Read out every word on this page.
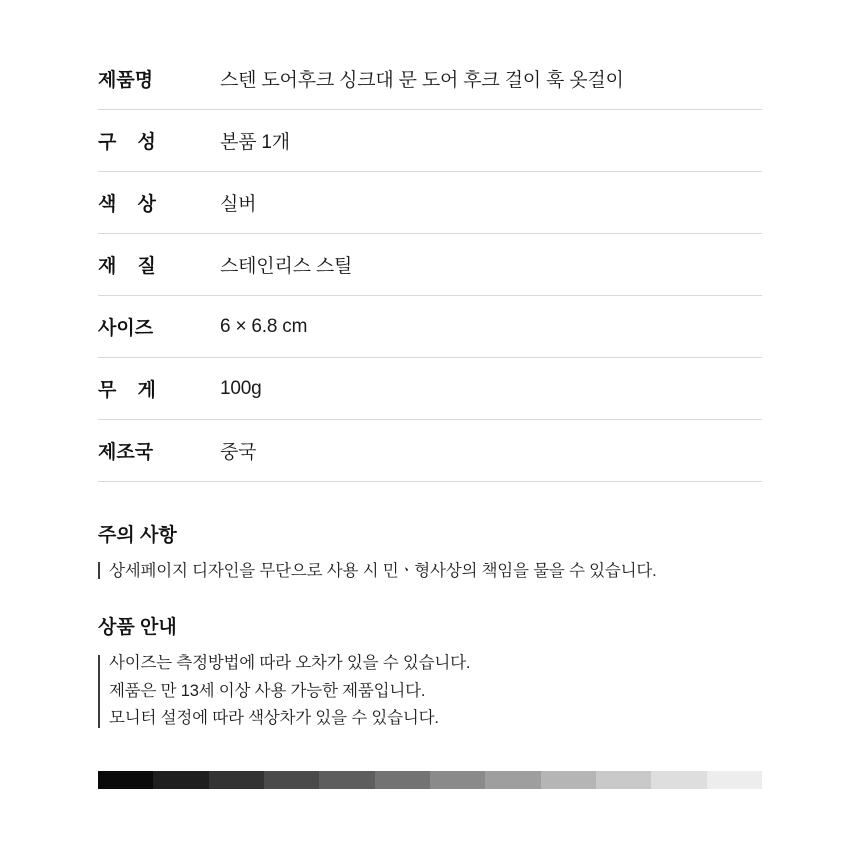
제품명	스텐 도어후크 싱크대 문 도어 후크 걸이 훅 옷걸이
구    성	본품 1개
색    상	실버
재    질	스테인리스 스틸
사이즈	6 × 6.8 cm
무    게	100g
제조국	중국
주의 사항
상세페이지 디자인을 무단으로 사용 시 민ㆍ형사상의 책임을 물을 수 있습니다.
상품 안내
사이즈는 측정방법에 따라 오차가 있을 수 있습니다.
제품은 만 13세 이상 사용 가능한 제품입니다.
모니터 설정에 따라 색상차가 있을 수 있습니다.
